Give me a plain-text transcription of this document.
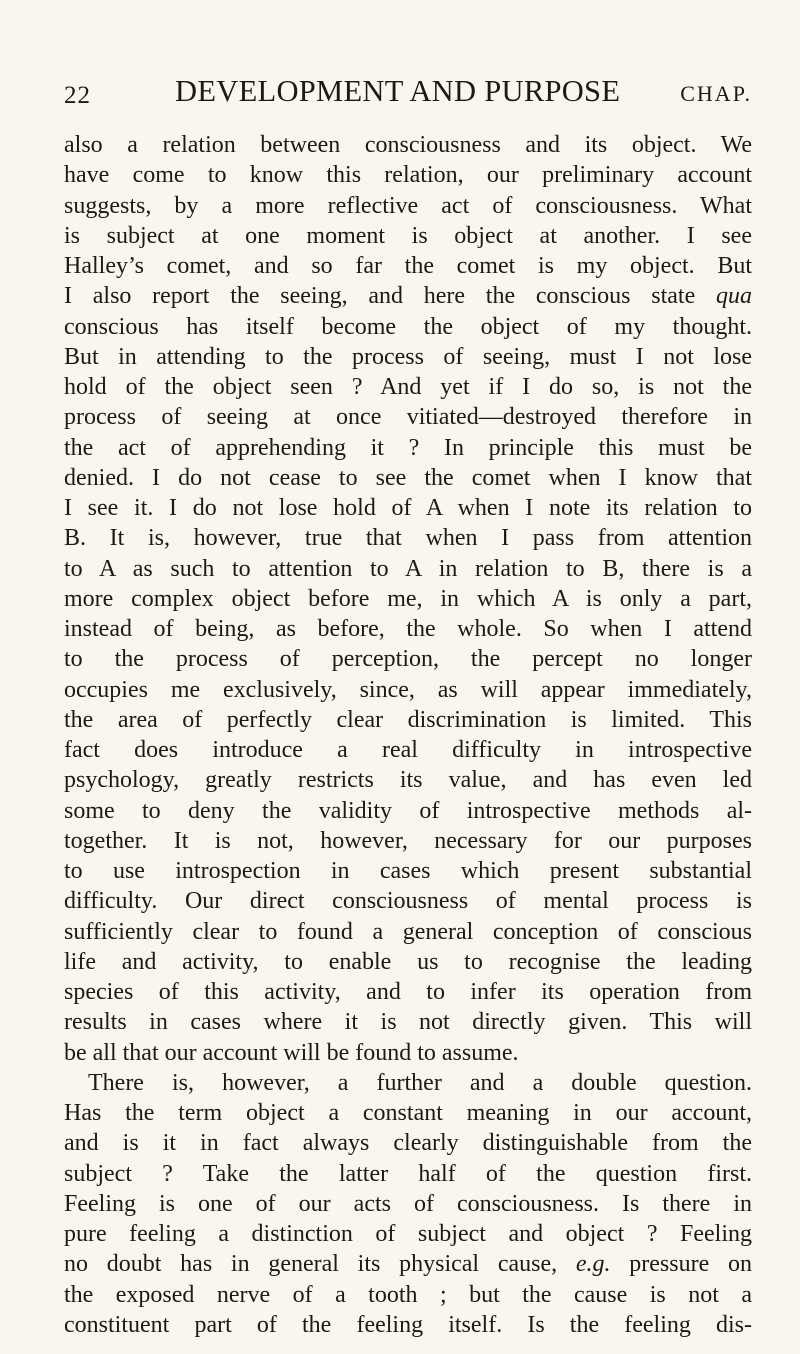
22	DEVELOPMENT AND PURPOSE	CHAP.
also a relation between consciousness and its object. We
have come to know this relation, our preliminary account
suggests, by a more reflective act of consciousness. What
is subject at one moment is object at another. I see
Halley’s comet, and so far the comet is my object. But
I also report the seeing, and here the conscious state qua
conscious has itself become the object of my thought.
But in attending to the process of seeing, must I not lose
hold of the object seen ? And yet if I do so, is not the
process of seeing at once vitiated—destroyed therefore in
the act of apprehending it ? In principle this must be
denied. I do not cease to see the comet when I know that
I see it. I do not lose hold of A when I note its relation to
B. It is, however, true that when I pass from attention
to A as such to attention to A in relation to B, there is a
more complex object before me, in which A is only a part,
instead of being, as before, the whole. So when I attend
to the process of perception, the percept no longer
occupies me exclusively, since, as will appear immediately,
the area of perfectly clear discrimination is limited. This
fact does introduce a real difficulty in introspective
psychology, greatly restricts its value, and has even led
some to deny the validity of introspective methods al-
together. It is not, however, necessary for our purposes
to use introspection in cases which present substantial
difficulty. Our direct consciousness of mental process is
sufficiently clear to found a general conception of conscious
life and activity, to enable us to recognise the leading
species of this activity, and to infer its operation from
results in cases where it is not directly given. This will
be all that our account will be found to assume.
There is, however, a further and a double question.
Has the term object a constant meaning in our account,
and is it in fact always clearly distinguishable from the
subject ? Take the latter half of the question first.
Feeling is one of our acts of consciousness. Is there in
pure feeling a distinction of subject and object ? Feeling
no doubt has in general its physical cause, e.g. pressure on
the exposed nerve of a tooth ; but the cause is not a
constituent part of the feeling itself. Is the feeling dis-
